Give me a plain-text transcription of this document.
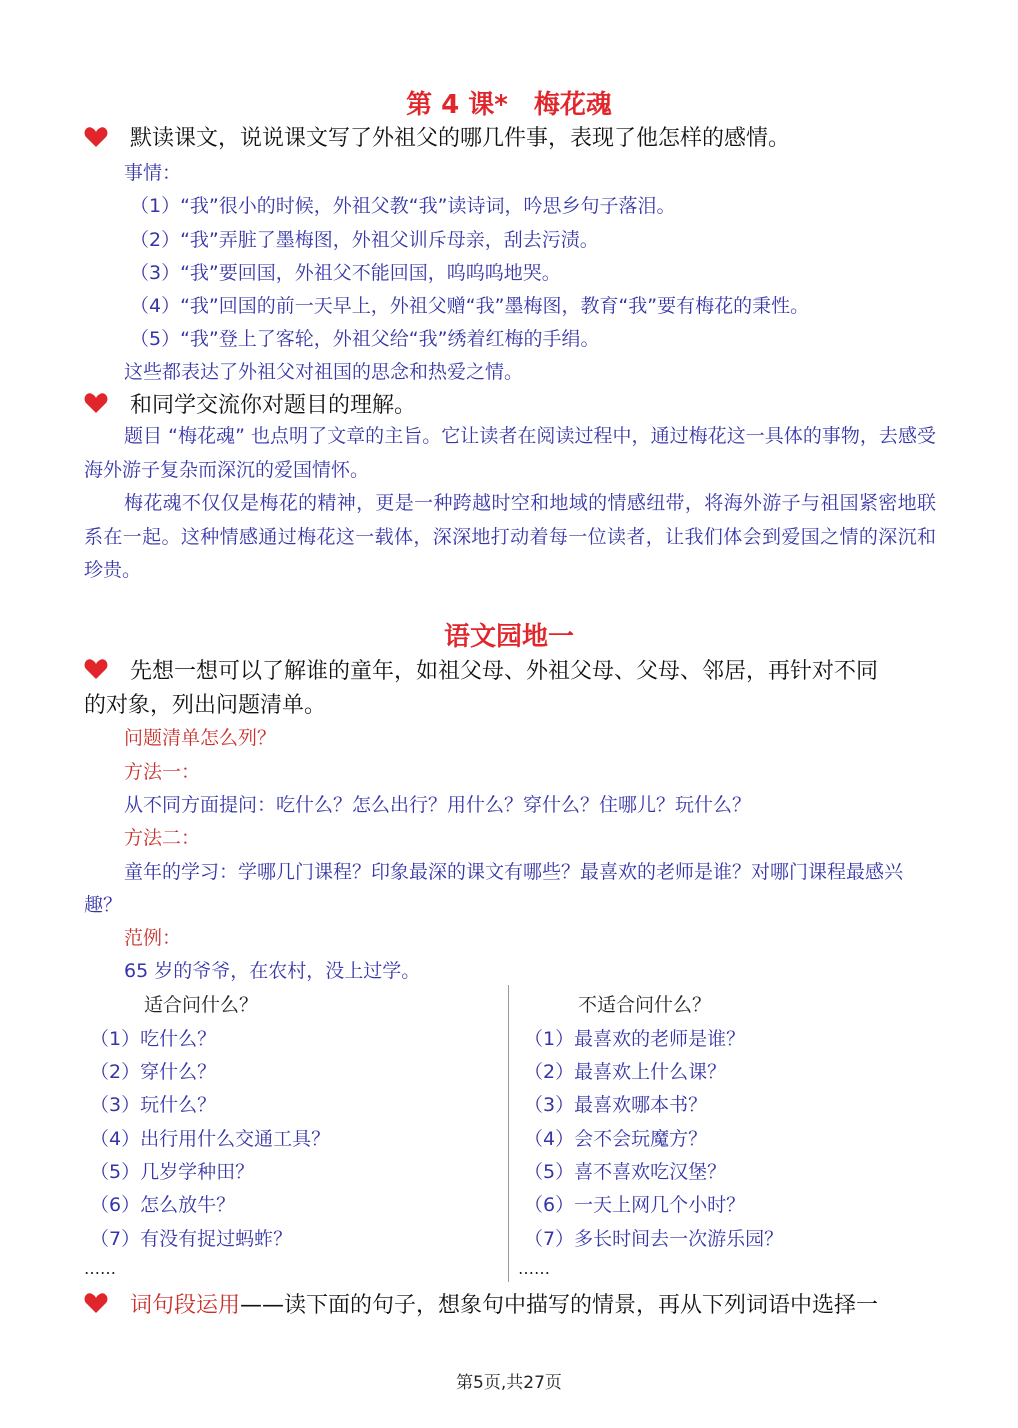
第 4 课*　梅花魂
默读课文，说说课文写了外祖父的哪几件事，表现了他怎样的感情。
事情：
（1）“我”很小的时候，外祖父教“我”读诗词，吟思乡句子落泪。
（2）“我”弄脏了墨梅图，外祖父训斥母亲，刮去污渍。
（3）“我”要回国，外祖父不能回国，呜呜呜地哭。
（4）“我”回国的前一天早上，外祖父赠“我”墨梅图，教育“我”要有梅花的秉性。
（5）“我”登上了客轮，外祖父给“我”绣着红梅的手绢。
这些都表达了外祖父对祖国的思念和热爱之情。
和同学交流你对题目的理解。
题目 “梅花魂” 也点明了文章的主旨。它让读者在阅读过程中，通过梅花这一具体的事物，去感受海外游子复杂而深沉的爱国情怀。
梅花魂不仅仅是梅花的精神，更是一种跨越时空和地域的情感纽带，将海外游子与祖国紧密地联系在一起。这种情感通过梅花这一载体，深深地打动着每一位读者，让我们体会到爱国之情的深沉和珍贵。
语文园地一
先想一想可以了解谁的童年，如祖父母、外祖父母、父母、邻居，再针对不同
的对象，列出问题清单。
问题清单怎么列？
方法一：
从不同方面提问：吃什么？怎么出行？用什么？穿什么？住哪儿？玩什么？
方法二：
童年的学习：学哪几门课程？印象最深的课文有哪些？最喜欢的老师是谁？对哪门课程最感兴
趣？
范例：
65 岁的爷爷，在农村，没上过学。
适合问什么？	不适合问什么？
（1）吃什么？
（2）穿什么？
（3）玩什么？
（4）出行用什么交通工具？
（5）几岁学种田？
（6）怎么放牛？
（7）有没有捉过蚂蚱？
……
（1）最喜欢的老师是谁？
（2）最喜欢上什么课？
（3）最喜欢哪本书？
（4）会不会玩魔方？
（5）喜不喜欢吃汉堡？
（6）一天上网几个小时？
（7）多长时间去一次游乐园？
……
词句段运用——读下面的句子，想象句中描写的情景，再从下列词语中选择一
第5页,共27页
